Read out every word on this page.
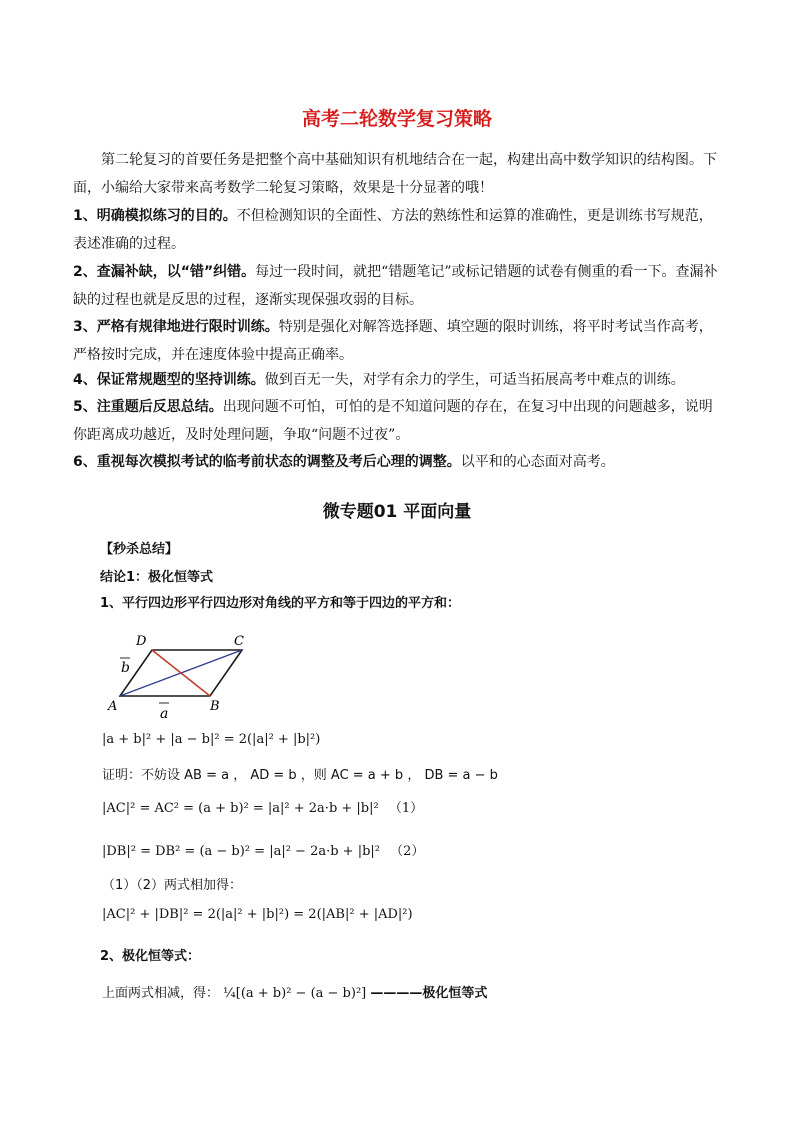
高考二轮数学复习策略
第二轮复习的首要任务是把整个高中基础知识有机地结合在一起，构建出高中数学知识的结构图。下面，小编给大家带来高考数学二轮复习策略，效果是十分显著的哦！
1、明确模拟练习的目的。不但检测知识的全面性、方法的熟练性和运算的准确性，更是训练书写规范，表述准确的过程。
2、查漏补缺，以“错”纠错。每过一段时间，就把“错题笔记”或标记错题的试卷有侧重的看一下。查漏补缺的过程也就是反思的过程，逐渐实现保强攻弱的目标。
3、严格有规律地进行限时训练。特别是强化对解答选择题、填空题的限时训练，将平时考试当作高考，严格按时完成，并在速度体验中提高正确率。
4、保证常规题型的坚持训练。做到百无一失，对学有余力的学生，可适当拓展高考中难点的训练。
5、注重题后反思总结。出现问题不可怕，可怕的是不知道问题的存在，在复习中出现的问题越多，说明你距离成功越近，及时处理问题，争取“问题不过夜”。
6、重视每次模拟考试的临考前状态的调整及考后心理的调整。以平和的心态面对高考。
微专题01 平面向量
【秒杀总结】
结论1：极化恒等式
1、平行四边形平行四边形对角线的平方和等于四边的平方和：
D	C
A	B
b
a
|a + b|² + |a − b|² = 2(|a|² + |b|²)
证明：不妨设 AB = a ， AD = b ，则 AC = a + b ， DB = a − b
|AC|² = AC² = (a + b)² = |a|² + 2a·b + |b|² （1）
|DB|² = DB² = (a − b)² = |a|² − 2a·b + |b|² （2）
（1）（2）两式相加得：
|AC|² + |DB|² = 2(|a|² + |b|²) = 2(|AB|² + |AD|²)
2、极化恒等式：
上面两式相减，得： ¼[(a + b)² − (a − b)²] ————极化恒等式
